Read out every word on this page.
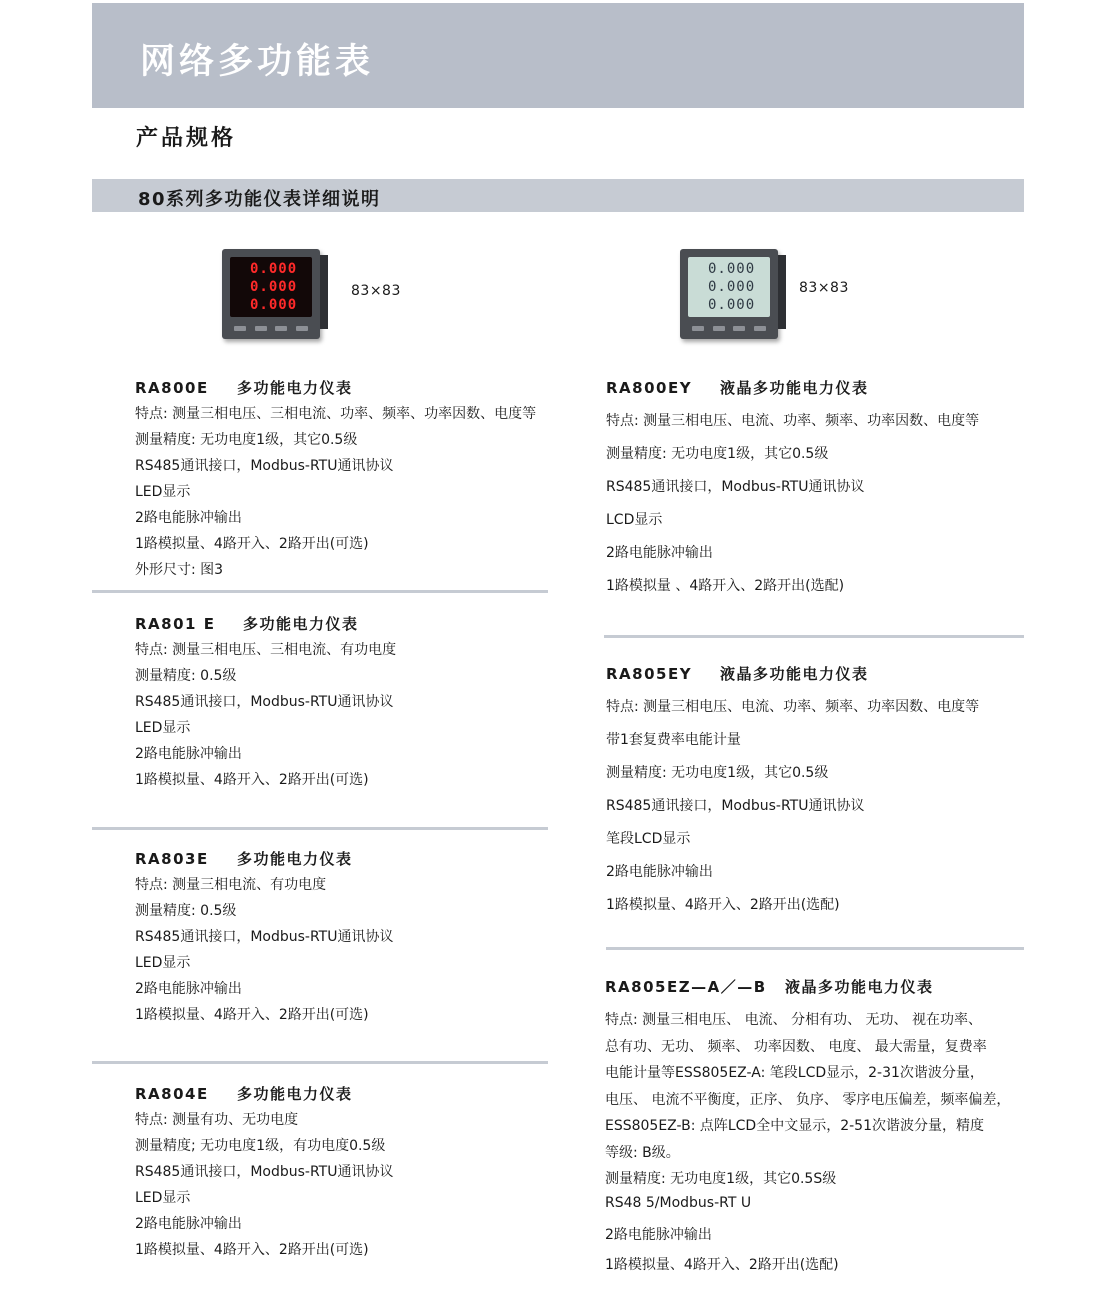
网络多功能表
产品规格
80系列多功能仪表详细说明
0.000
0.000
0.000
83×83
0.000
0.000
0.000
83×83
RA800E 多功能电力仪表
特点: 测量三相电压、三相电流、功率、频率、功率因数、电度等
测量精度: 无功电度1级，其它0.5级
RS485通讯接口，Modbus-RTU通讯协议
LED显示
2路电能脉冲输出
1路模拟量、4路开入、2路开出(可选)
外形尺寸: 图3
RA801 E 多功能电力仪表
特点: 测量三相电压、三相电流、有功电度
测量精度: 0.5级
RS485通讯接口，Modbus-RTU通讯协议
LED显示
2路电能脉冲输出
1路模拟量、4路开入、2路开出(可选)
RA803E 多功能电力仪表
特点: 测量三相电流、有功电度
测量精度: 0.5级
RS485通讯接口，Modbus-RTU通讯协议
LED显示
2路电能脉冲输出
1路模拟量、4路开入、2路开出(可选)
RA804E 多功能电力仪表
特点: 测量有功、无功电度
测量精度; 无功电度1级，有功电度0.5级
RS485通讯接口，Modbus-RTU通讯协议
LED显示
2路电能脉冲输出
1路模拟量、4路开入、2路开出(可选)
RA800EY 液晶多功能电力仪表
特点: 测量三相电压、电流、功率、频率、功率因数、电度等
测量精度: 无功电度1级，其它0.5级
RS485通讯接口，Modbus-RTU通讯协议
LCD显示
2路电能脉冲输出
1路模拟量 、4路开入、2路开出(选配)
RA805EY 液晶多功能电力仪表
特点: 测量三相电压、电流、功率、频率、功率因数、电度等
带1套复费率电能计量
测量精度: 无功电度1级，其它0.5级
RS485通讯接口，Modbus-RTU通讯协议
笔段LCD显示
2路电能脉冲输出
1路模拟量、4路开入、2路开出(选配)
RA805EZ—A／—B 液晶多功能电力仪表
特点: 测量三相电压、 电流、 分相有功、 无功、 视在功率、
总有功、无功、 频率、 功率因数、 电度、 最大需量，复费率
电能计量等ESS805EZ-A: 笔段LCD显示，2-31次谐波分量，
电压、 电流不平衡度，正序、 负序、 零序电压偏差，频率偏差，
ESS805EZ-B: 点阵LCD全中文显示，2-51次谐波分量，精度
等级: B级。
测量精度: 无功电度1级，其它0.5S级
RS48 5/Modbus-RT U
2路电能脉冲输出
1路模拟量、4路开入、2路开出(选配)
